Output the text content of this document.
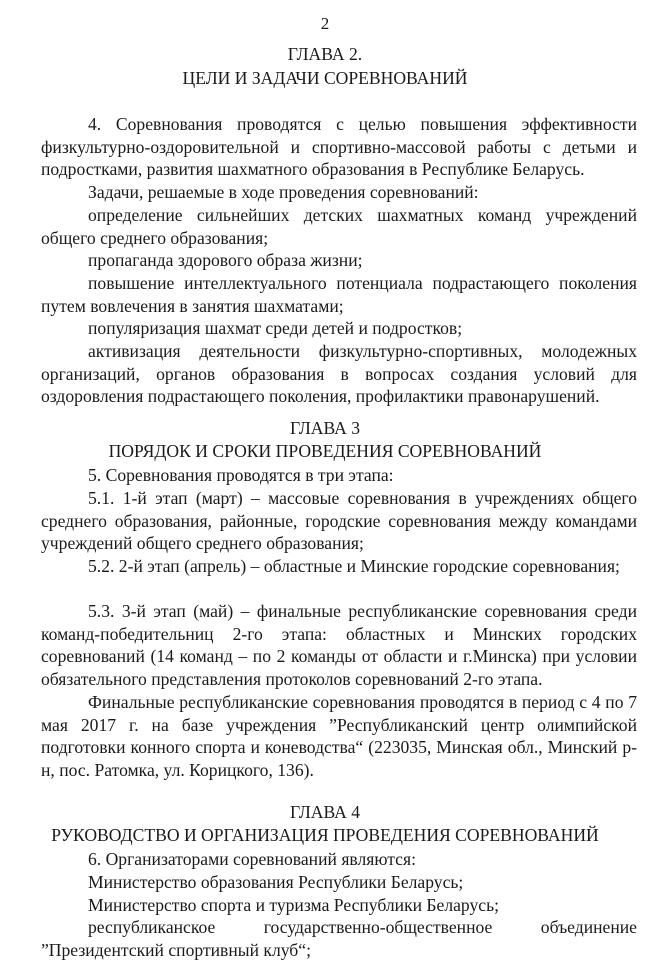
2
ГЛАВА 2.
ЦЕЛИ И ЗАДАЧИ СОРЕВНОВАНИЙ
4. Соревнования проводятся с целью повышения эффективности физкультурно-оздоровительной и спортивно-массовой работы с детьми и подростками, развития шахматного образования в Республике Беларусь.
Задачи, решаемые в ходе проведения соревнований:
определение сильнейших детских шахматных команд учреждений общего среднего образования;
пропаганда здорового образа жизни;
повышение интеллектуального потенциала подрастающего поколения путем вовлечения в занятия шахматами;
популяризация шахмат среди детей и подростков;
активизация деятельности физкультурно-спортивных, молодежных организаций, органов образования в вопросах создания условий для оздоровления подрастающего поколения, профилактики правонарушений.
ГЛАВА 3
ПОРЯДОК И СРОКИ ПРОВЕДЕНИЯ СОРЕВНОВАНИЙ
5. Соревнования проводятся в три этапа:
5.1. 1-й этап (март) – массовые соревнования в учреждениях общего среднего образования, районные, городские соревнования между командами учреждений общего среднего образования;
5.2. 2-й этап (апрель) – областные и Минские городские соревнования;
5.3. 3-й этап (май) – финальные республиканские соревнования среди команд-победительниц 2-го этапа: областных и Минских городских соревнований (14 команд – по 2 команды от области и г.Минска) при условии обязательного представления протоколов соревнований 2-го этапа.
Финальные республиканские соревнования проводятся в период с 4 по 7 мая 2017 г. на базе учреждения ”Республиканский центр олимпийской подготовки конного спорта и коневодства“ (223035, Минская обл., Минский р-н, пос. Ратомка, ул. Корицкого, 136).
ГЛАВА 4
РУКОВОДСТВО И ОРГАНИЗАЦИЯ ПРОВЕДЕНИЯ СОРЕВНОВАНИЙ
6. Организаторами соревнований являются:
Министерство образования Республики Беларусь;
Министерство спорта и туризма Республики Беларусь;
республиканское государственно-общественное объединение ”Президентский спортивный клуб“;
